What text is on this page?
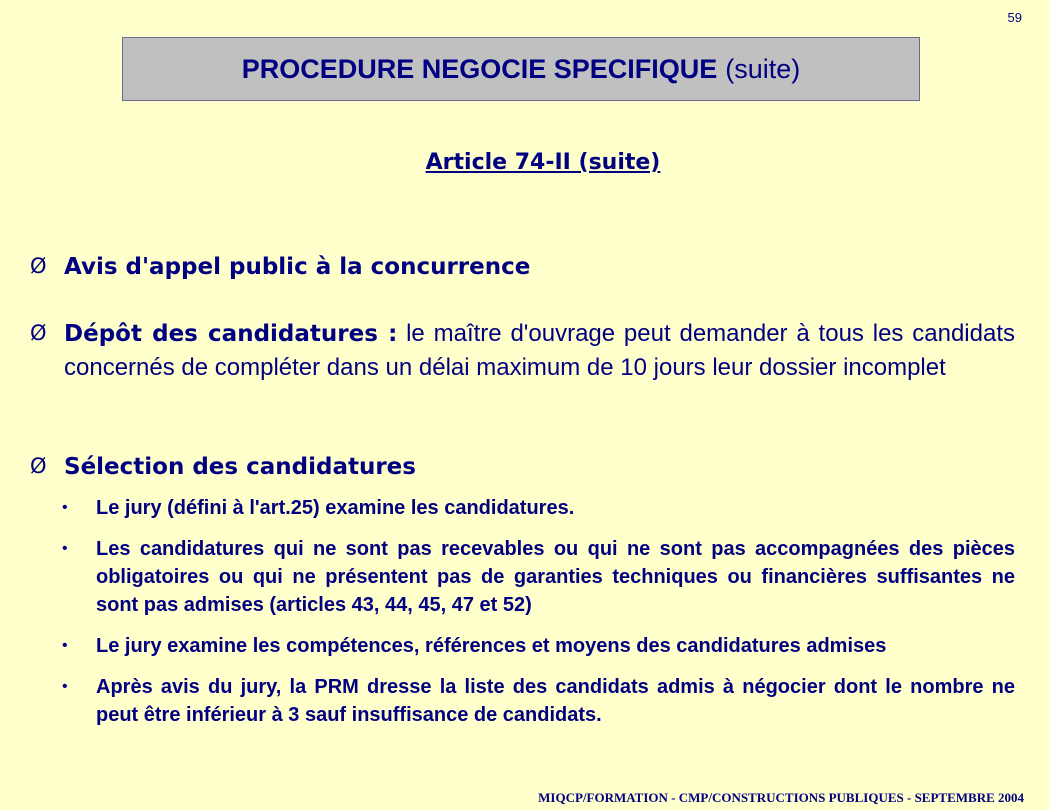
59
PROCEDURE NEGOCIE SPECIFIQUE (suite)
Article 74-II (suite)
Ø Avis d'appel public à la concurrence
Ø Dépôt des candidatures : le maître d'ouvrage peut demander à tous les candidats concernés de compléter dans un délai maximum de 10 jours leur dossier incomplet
Ø Sélection des candidatures
• Le jury (défini à l'art.25) examine les candidatures.
• Les candidatures qui ne sont pas recevables ou qui ne sont pas accompagnées des pièces obligatoires ou qui ne présentent pas de garanties techniques ou financières suffisantes ne sont pas admises (articles 43, 44, 45, 47 et 52)
• Le jury examine les compétences, références et moyens des candidatures admises
• Après avis du jury, la PRM dresse la liste des candidats admis à négocier dont le nombre ne peut être inférieur à 3 sauf insuffisance de candidats.
MIQCP/FORMATION - CMP/CONSTRUCTIONS PUBLIQUES - SEPTEMBRE 2004
